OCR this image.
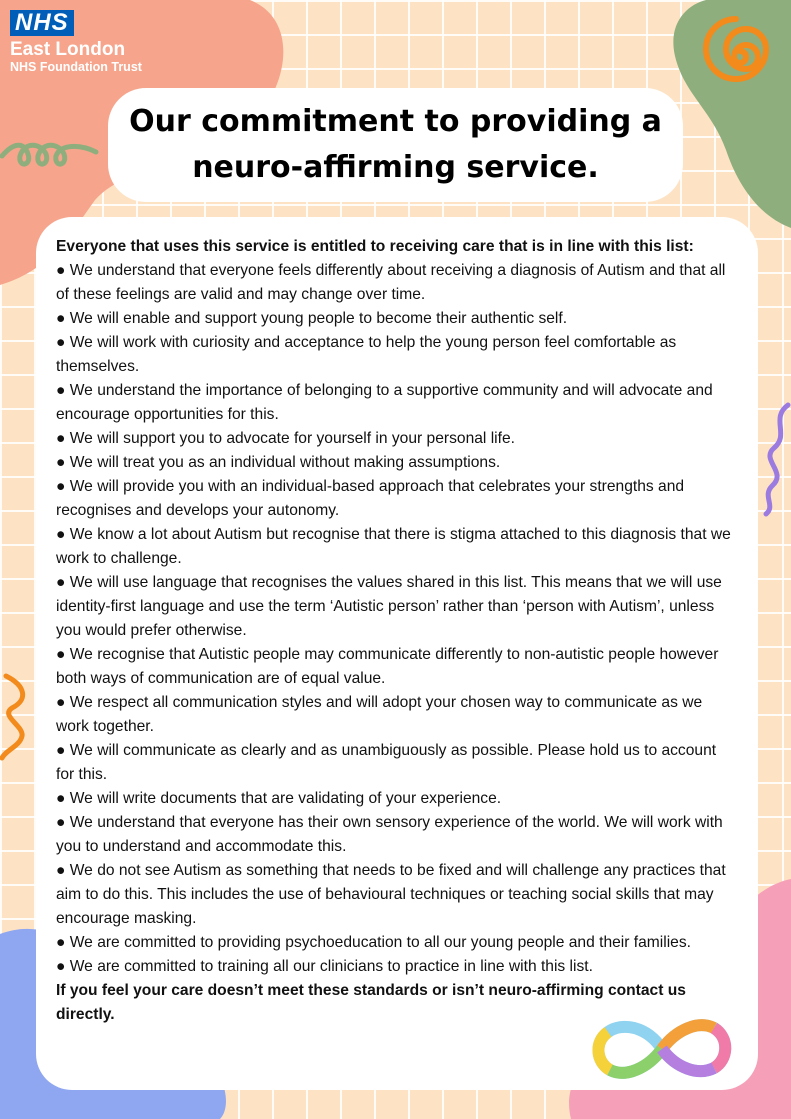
NHS
East London
NHS Foundation Trust
Our commitment to providing a neuro-affirming service.

Everyone that uses this service is entitled to receiving care that is in line with this list:

● We understand that everyone feels differently about receiving a diagnosis of Autism and that all of these feelings are valid and may change over time.

● We will enable and support young people to become their authentic self.

● We will work with curiosity and acceptance to help the young person feel comfortable as themselves.

● We understand the importance of belonging to a supportive community and will advocate and encourage opportunities for this.

● We will support you to advocate for yourself in your personal life.

● We will treat you as an individual without making assumptions.

● We will provide you with an individual-based approach that celebrates your strengths and recognises and develops your autonomy.

● We know a lot about Autism but recognise that there is stigma attached to this diagnosis that we work to challenge.

● We will use language that recognises the values shared in this list. This means that we will use identity-first language and use the term ‘Autistic person’ rather than ‘person with Autism’, unless you would prefer otherwise.

● We recognise that Autistic people may communicate differently to non-autistic people however both ways of communication are of equal value.

● We respect all communication styles and will adopt your chosen way to communicate as we work together.

● We will communicate as clearly and as unambiguously as possible. Please hold us to account for this.

● We will write documents that are validating of your experience.

● We understand that everyone has their own sensory experience of the world. We will work with you to understand and accommodate this.

● We do not see Autism as something that needs to be fixed and will challenge any practices that aim to do this. This includes the use of behavioural techniques or teaching social skills that may encourage masking.

● We are committed to providing psychoeducation to all our young people and their families.

● We are committed to training all our clinicians to practice in line with this list.

If you feel your care doesn’t meet these standards or isn’t neuro-affirming contact us directly.
